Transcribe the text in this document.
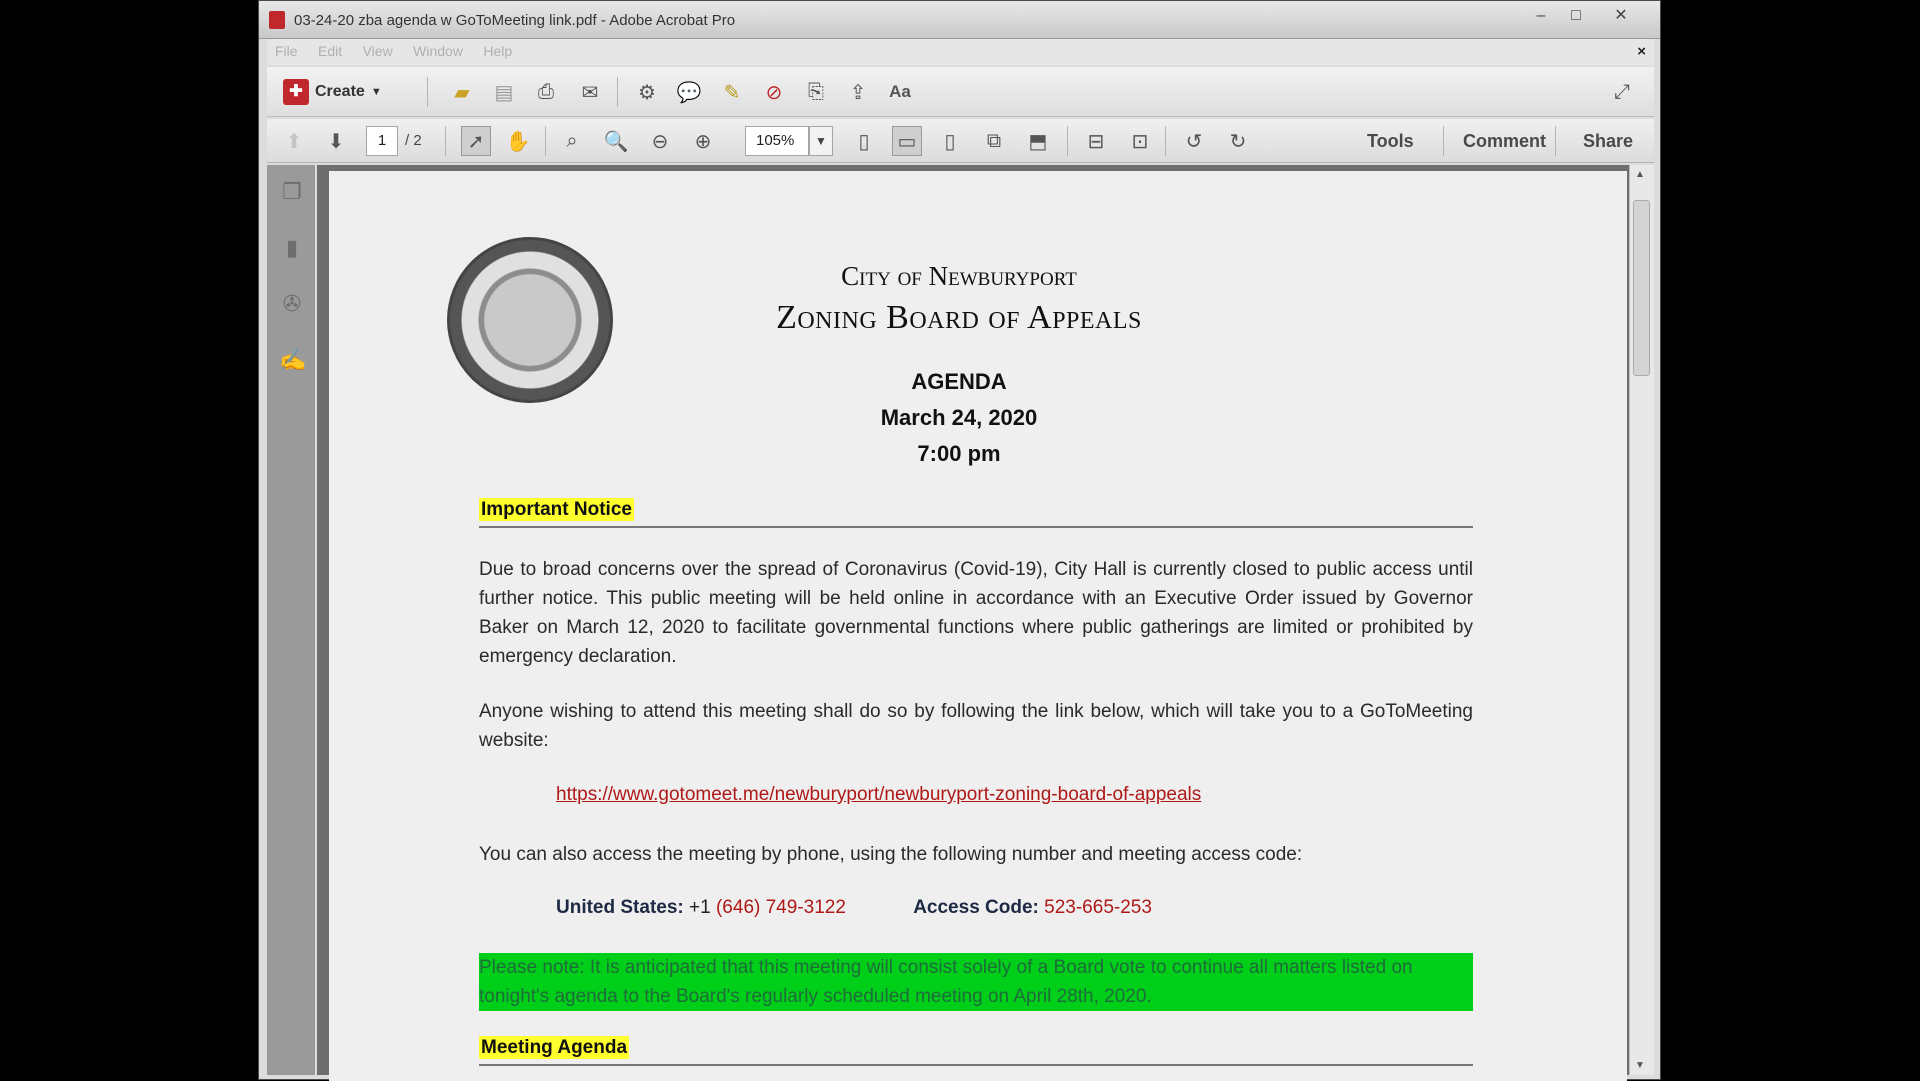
03-24-20 zba agenda w GoToMeeting link.pdf - Adobe Acrobat Pro	–	□	✕
File Edit View Window Help	×
✚ Create ▼	▰	▤	⎙	✉	⚙	💬	✎	⊘	⎘	⇪	Aa	⤢
⬆	⬇	1	/ 2	➚	✋	⌕	🔍	⊖	⊕	105%	▼	▯	▭	▯	⧉	⬒	⊟	⊡	↺	↻	Tools	Comment Share
❐
▮
✇
✍
City of Newburyport
Zoning Board of Appeals
AGENDA
March 24, 2020
7:00 pm
Important Notice
Due to broad concerns over the spread of Coronavirus (Covid-19), City Hall is currently closed to public access until further notice. This public meeting will be held online in accordance with an Executive Order issued by Governor Baker on March 12, 2020 to facilitate governmental functions where public gatherings are limited or prohibited by emergency declaration.
Anyone wishing to attend this meeting shall do so by following the link below, which will take you to a GoToMeeting website:
https://www.gotomeet.me/newburyport/newburyport-zoning-board-of-appeals
You can also access the meeting by phone, using the following number and meeting access code:
United States: +1 (646) 749-3122	Access Code: 523-665-253
Please note: It is anticipated that this meeting will consist solely of a Board vote to continue all matters listed on tonight's agenda to the Board's regularly scheduled meeting on April 28th, 2020.
Meeting Agenda
▲
▼
